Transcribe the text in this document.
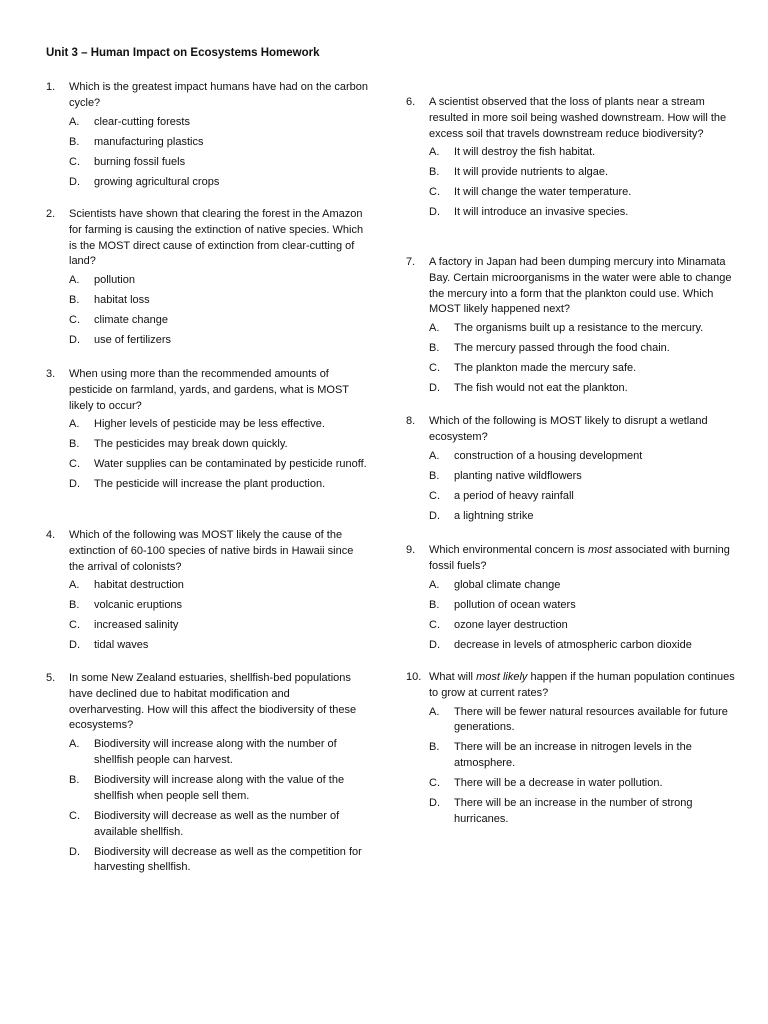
Unit 3 – Human Impact on Ecosystems Homework
1. Which is the greatest impact humans have had on the carbon cycle?
A. clear-cutting forests
B. manufacturing plastics
C. burning fossil fuels
D. growing agricultural crops
2. Scientists have shown that clearing the forest in the Amazon for farming is causing the extinction of native species. Which is the MOST direct cause of extinction from clear-cutting of land?
A. pollution
B. habitat loss
C. climate change
D. use of fertilizers
3. When using more than the recommended amounts of pesticide on farmland, yards, and gardens, what is MOST likely to occur?
A. Higher levels of pesticide may be less effective.
B. The pesticides may break down quickly.
C. Water supplies can be contaminated by pesticide runoff.
D. The pesticide will increase the plant production.
4. Which of the following was MOST likely the cause of the extinction of 60-100 species of native birds in Hawaii since the arrival of colonists?
A. habitat destruction
B. volcanic eruptions
C. increased salinity
D. tidal waves
5. In some New Zealand estuaries, shellfish-bed populations have declined due to habitat modification and overharvesting. How will this affect the biodiversity of these ecosystems?
A. Biodiversity will increase along with the number of shellfish people can harvest.
B. Biodiversity will increase along with the value of the shellfish when people sell them.
C. Biodiversity will decrease as well as the number of available shellfish.
D. Biodiversity will decrease as well as the competition for harvesting shellfish.
6. A scientist observed that the loss of plants near a stream resulted in more soil being washed downstream. How will the excess soil that travels downstream reduce biodiversity?
A. It will destroy the fish habitat.
B. It will provide nutrients to algae.
C. It will change the water temperature.
D. It will introduce an invasive species.
7. A factory in Japan had been dumping mercury into Minamata Bay. Certain microorganisms in the water were able to change the mercury into a form that the plankton could use. Which MOST likely happened next?
A. The organisms built up a resistance to the mercury.
B. The mercury passed through the food chain.
C. The plankton made the mercury safe.
D. The fish would not eat the plankton.
8. Which of the following is MOST likely to disrupt a wetland ecosystem?
A. construction of a housing development
B. planting native wildflowers
C. a period of heavy rainfall
D. a lightning strike
9. Which environmental concern is most associated with burning fossil fuels?
A. global climate change
B. pollution of ocean waters
C. ozone layer destruction
D. decrease in levels of atmospheric carbon dioxide
10. What will most likely happen if the human population continues to grow at current rates?
A. There will be fewer natural resources available for future generations.
B. There will be an increase in nitrogen levels in the atmosphere.
C. There will be a decrease in water pollution.
D. There will be an increase in the number of strong hurricanes.
